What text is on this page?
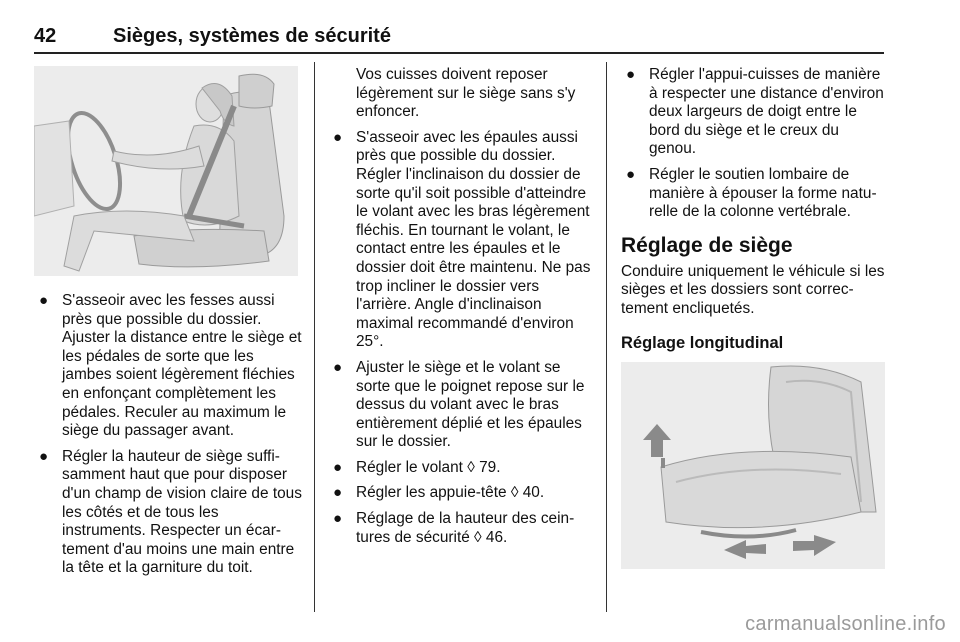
42	Sièges, systèmes de sécurité
● S'asseoir avec les fesses aussi près que possible du dossier. Ajuster la distance entre le siège et les pédales de sorte que les jambes soient légèrement fléchies en enfonçant complètement les pédales. Reculer au maximum le siège du passager avant.
● Régler la hauteur de siège suffisamment haut que pour disposer d'un champ de vision claire de tous les côtés et de tous les instruments. Respecter un écartement d'au moins une main entre la tête et la garniture du toit.

Vos cuisses doivent reposer légèrement sur le siège sans s'y enfoncer.

● S'asseoir avec les épaules aussi près que possible du dossier. Régler l'inclinaison du dossier de sorte qu'il soit possible d'atteindre le volant avec les bras légèrement fléchis. En tournant le volant, le contact entre les épaules et le dossier doit être maintenu. Ne pas trop incliner le dossier vers l'arrière. Angle d'inclinaison maximal recommandé d'environ 25°.
● Ajuster le siège et le volant se sorte que le poignet repose sur le dessus du volant avec le bras entièrement déplié et les épaules sur le dossier.
● Régler le volant ◊ 79.
● Régler les appuie-tête ◊ 40.
● Réglage de la hauteur des ceintures de sécurité ◊ 46.
● Régler l'appui-cuisses de manière à respecter une distance d'environ deux largeurs de doigt entre le bord du siège et le creux du genou.
● Régler le soutien lombaire de manière à épouser la forme naturelle de la colonne vertébrale.
Réglage de siège

Conduire uniquement le véhicule si les sièges et les dossiers sont correctement encliquetés.

Réglage longitudinal
carmanualsonline.info
